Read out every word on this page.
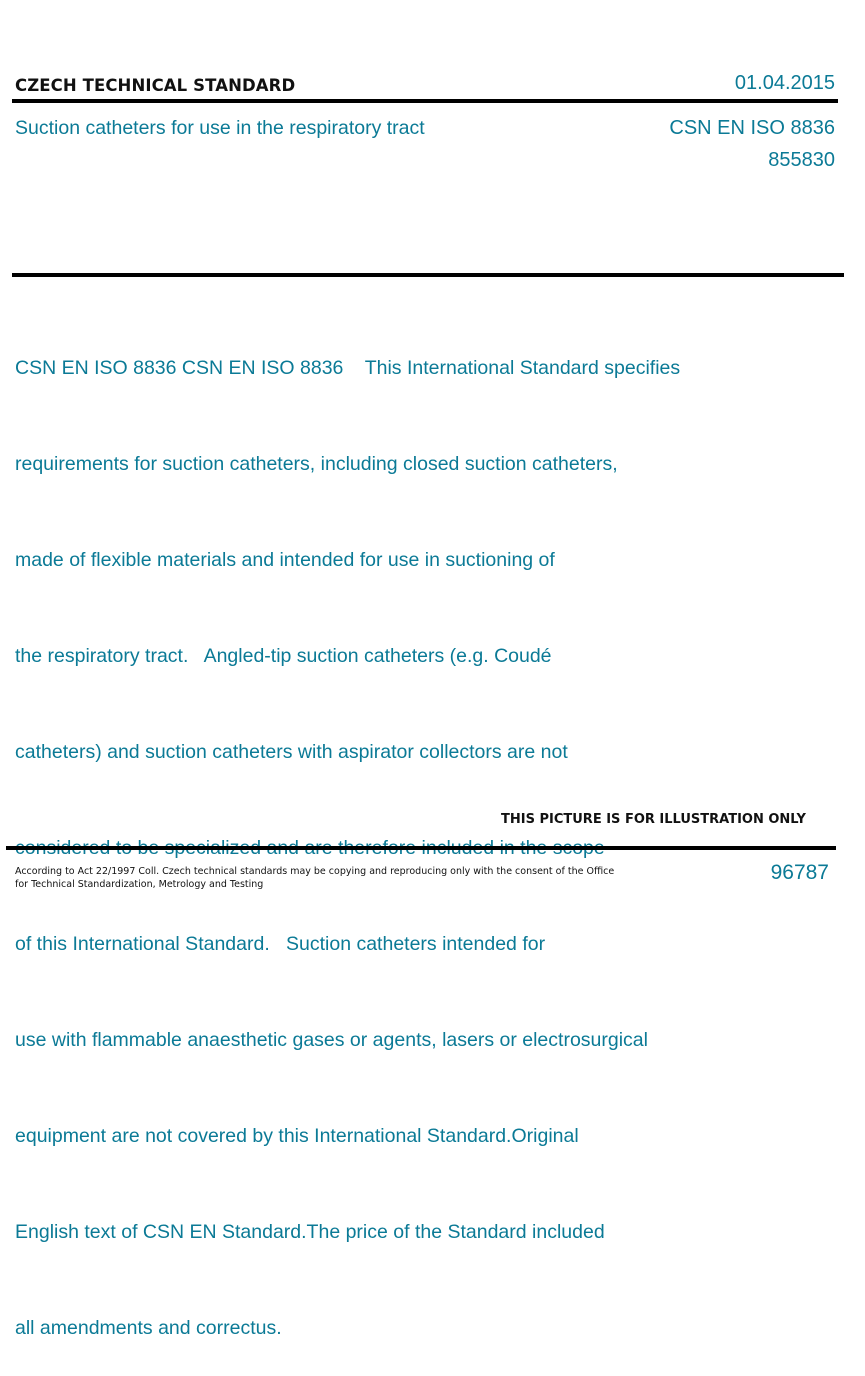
CZECH TECHNICAL STANDARD	01.04.2015
Suction catheters for use in the respiratory tract	CSN EN ISO 8836
855830

CSN EN ISO 8836 CSN EN ISO 8836    This International Standard specifies

requirements for suction catheters, including closed suction catheters,

made of flexible materials and intended for use in suctioning of

the respiratory tract.   Angled-tip suction catheters (e.g. Coudé

catheters) and suction catheters with aspirator collectors are not

of this International Standard.   Suction catheters intended for

use with flammable anaesthetic gases or agents, lasers or electrosurgical

equipment are not covered by this International Standard.Original

English text of CSN EN Standard.The price of the Standard included

all amendments and correctus.

THIS PICTURE IS FOR ILLUSTRATION ONLY
According to Act 22/1997 Coll. Czech technical standards may be copying and reproducing only with the consent of the Office
for Technical Standardization, Metrology and Testing
96787
